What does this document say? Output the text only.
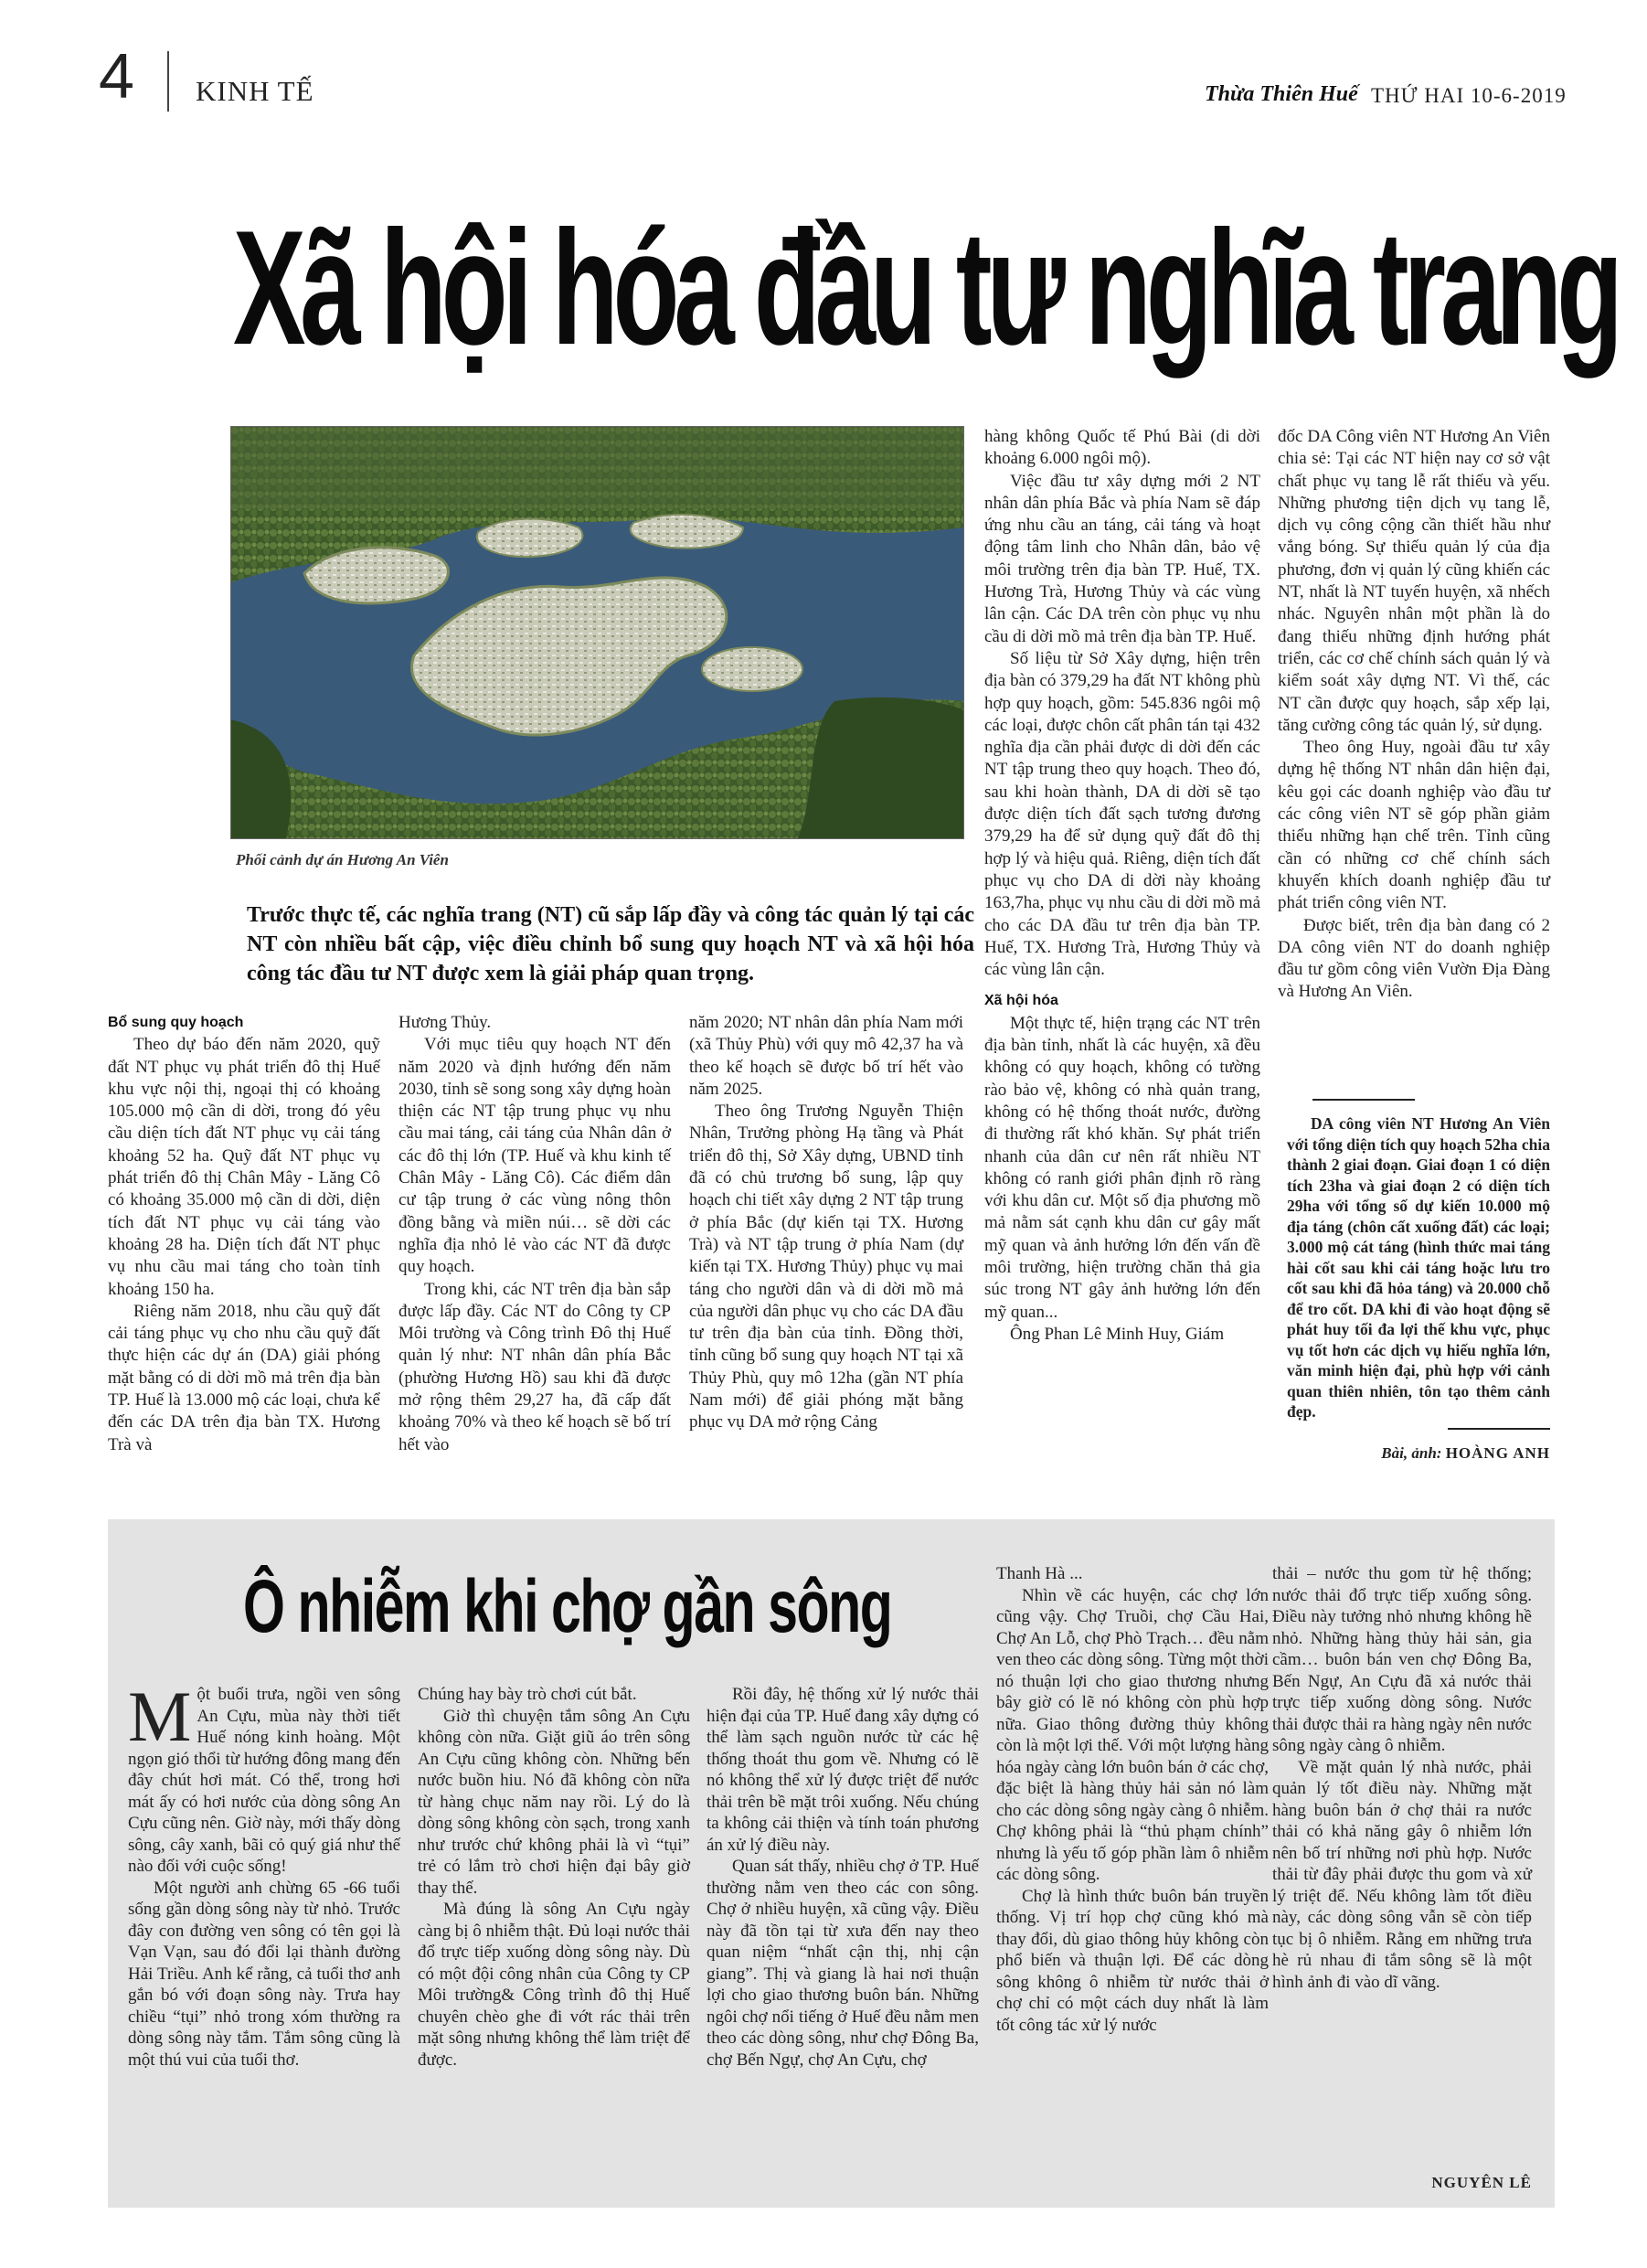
4 KINH TẾ	Thừa Thiên Huế THỨ HAI 10-6-2019
Xã hội hóa đầu tư nghĩa trang
Phối cảnh dự án Hương An Viên
Trước thực tế, các nghĩa trang (NT) cũ sắp lấp đầy và công tác quản lý tại các NT còn nhiều bất cập, việc điều chỉnh bổ sung quy hoạch NT và xã hội hóa công tác đầu tư NT được xem là giải pháp quan trọng.
Bổ sung quy hoạch

Theo dự báo đến năm 2020, quỹ đất NT phục vụ phát triển đô thị Huế khu vực nội thị, ngoại thị có khoảng 105.000 mộ cần di dời, trong đó yêu cầu diện tích đất NT phục vụ cải táng khoảng 52 ha. Quỹ đất NT phục vụ phát triển đô thị Chân Mây - Lăng Cô có khoảng 35.000 mộ cần di dời, diện tích đất NT phục vụ cải táng vào khoảng 28 ha. Diện tích đất NT phục vụ nhu cầu mai táng cho toàn tỉnh khoảng 150 ha.

Riêng năm 2018, nhu cầu quỹ đất cải táng phục vụ cho nhu cầu quỹ đất thực hiện các dự án (DA) giải phóng mặt bằng có di dời mồ mả trên địa bàn TP. Huế là 13.000 mộ các loại, chưa kể đến các DA trên địa bàn TX. Hương Trà và

Hương Thủy.

Với mục tiêu quy hoạch NT đến năm 2020 và định hướng đến năm 2030, tỉnh sẽ song song xây dựng hoàn thiện các NT tập trung phục vụ nhu cầu mai táng, cải táng của Nhân dân ở các đô thị lớn (TP. Huế và khu kinh tế Chân Mây - Lăng Cô). Các điểm dân cư tập trung ở các vùng nông thôn đồng bằng và miền núi… sẽ dời các nghĩa địa nhỏ lẻ vào các NT đã được quy hoạch.

Trong khi, các NT trên địa bàn sắp được lấp đầy. Các NT do Công ty CP Môi trường và Công trình Đô thị Huế quản lý như: NT nhân dân phía Bắc (phường Hương Hồ) sau khi đã được mở rộng thêm 29,27 ha, đã cấp đất khoảng 70% và theo kế hoạch sẽ bố trí hết vào

năm 2020; NT nhân dân phía Nam mới (xã Thủy Phù) với quy mô 42,37 ha và theo kế hoạch sẽ được bố trí hết vào năm 2025.

Theo ông Trương Nguyễn Thiện Nhân, Trưởng phòng Hạ tầng và Phát triển đô thị, Sở Xây dựng, UBND tỉnh đã có chủ trương bổ sung, lập quy hoạch chi tiết xây dựng 2 NT tập trung ở phía Bắc (dự kiến tại TX. Hương Trà) và NT tập trung ở phía Nam (dự kiến tại TX. Hương Thủy) phục vụ mai táng cho người dân và di dời mồ mả của người dân phục vụ cho các DA đầu tư trên địa bàn của tỉnh. Đồng thời, tỉnh cũng bổ sung quy hoạch NT tại xã Thủy Phù, quy mô 12ha (gần NT phía Nam mới) để giải phóng mặt bằng phục vụ DA mở rộng Cảng

hàng không Quốc tế Phú Bài (di dời khoảng 6.000 ngôi mộ).

Việc đầu tư xây dựng mới 2 NT nhân dân phía Bắc và phía Nam sẽ đáp ứng nhu cầu an táng, cải táng và hoạt động tâm linh cho Nhân dân, bảo vệ môi trường trên địa bàn TP. Huế, TX. Hương Trà, Hương Thủy và các vùng lân cận. Các DA trên còn phục vụ nhu cầu di dời mồ mả trên địa bàn TP. Huế.

Số liệu từ Sở Xây dựng, hiện trên địa bàn có 379,29 ha đất NT không phù hợp quy hoạch, gồm: 545.836 ngôi mộ các loại, được chôn cất phân tán tại 432 nghĩa địa cần phải được di dời đến các NT tập trung theo quy hoạch. Theo đó, sau khi hoàn thành, DA di dời sẽ tạo được diện tích đất sạch tương đương 379,29 ha để sử dụng quỹ đất đô thị hợp lý và hiệu quả. Riêng, diện tích đất phục vụ cho DA di dời này khoảng 163,7ha, phục vụ nhu cầu di dời mồ mả cho các DA đầu tư trên địa bàn TP. Huế, TX. Hương Trà, Hương Thủy và các vùng lân cận.

Xã hội hóa

Một thực tế, hiện trạng các NT trên địa bàn tỉnh, nhất là các huyện, xã đều không có quy hoạch, không có tường rào bảo vệ, không có nhà quản trang, không có hệ thống thoát nước, đường đi thường rất khó khăn. Sự phát triển nhanh của dân cư nên rất nhiều NT không có ranh giới phân định rõ ràng với khu dân cư. Một số địa phương mồ mả nằm sát cạnh khu dân cư gây mất mỹ quan và ảnh hưởng lớn đến vấn đề môi trường, hiện trường chăn thả gia súc trong NT gây ảnh hưởng lớn đến mỹ quan...

Ông Phan Lê Minh Huy, Giám

đốc DA Công viên NT Hương An Viên chia sẻ: Tại các NT hiện nay cơ sở vật chất phục vụ tang lễ rất thiếu và yếu. Những phương tiện dịch vụ tang lễ, dịch vụ công cộng cần thiết hầu như vắng bóng. Sự thiếu quản lý của địa phương, đơn vị quản lý cũng khiến các NT, nhất là NT tuyến huyện, xã nhếch nhác. Nguyên nhân một phần là do đang thiếu những định hướng phát triển, các cơ chế chính sách quản lý và kiểm soát xây dựng NT. Vì thế, các NT cần được quy hoạch, sắp xếp lại, tăng cường công tác quản lý, sử dụng.

Theo ông Huy, ngoài đầu tư xây dựng hệ thống NT nhân dân hiện đại, kêu gọi các doanh nghiệp vào đầu tư các công viên NT sẽ góp phần giảm thiểu những hạn chế trên. Tỉnh cũng cần có những cơ chế chính sách khuyến khích doanh nghiệp đầu tư phát triển công viên NT.

Được biết, trên địa bàn đang có 2 DA công viên NT do doanh nghiệp đầu tư gồm công viên Vườn Địa Đàng và Hương An Viên.

DA công viên NT Hương An Viên với tổng diện tích quy hoạch 52ha chia thành 2 giai đoạn. Giai đoạn 1 có diện tích 23ha và giai đoạn 2 có diện tích 29ha với tổng số dự kiến 10.000 mộ địa táng (chôn cất xuống đất) các loại; 3.000 mộ cát táng (hình thức mai táng hài cốt sau khi cải táng hoặc lưu tro cốt sau khi đã hỏa táng) và 20.000 chỗ để tro cốt. DA khi đi vào hoạt động sẽ phát huy tối đa lợi thế khu vực, phục vụ tốt hơn các dịch vụ hiếu nghĩa lớn, văn minh hiện đại, phù hợp với cảnh quan thiên nhiên, tôn tạo thêm cảnh đẹp.
Bài, ảnh: HOÀNG ANH
Ô nhiễm khi chợ gần sông

Một buổi trưa, ngồi ven sông An Cựu, mùa này thời tiết Huế nóng kinh hoàng. Một ngọn gió thổi từ hướng đông mang đến đây chút hơi mát. Có thể, trong hơi mát ấy có hơi nước của dòng sông An Cựu cũng nên. Giờ này, mới thấy dòng sông, cây xanh, bãi cỏ quý giá như thế nào đối với cuộc sống!

Một người anh chừng 65 -66 tuổi sống gần dòng sông này từ nhỏ. Trước đây con đường ven sông có tên gọi là Vạn Vạn, sau đó đổi lại thành đường Hải Triều. Anh kể rằng, cả tuổi thơ anh gắn bó với đoạn sông này. Trưa hay chiều “tụi” nhỏ trong xóm thường ra dòng sông này tắm. Tắm sông cũng là một thú vui của tuổi thơ.

Chúng hay bày trò chơi cút bắt.

Giờ thì chuyện tắm sông An Cựu không còn nữa. Giặt giũ áo trên sông An Cựu cũng không còn. Những bến nước buồn hiu. Nó đã không còn nữa từ hàng chục năm nay rồi. Lý do là dòng sông không còn sạch, trong xanh như trước chứ không phải là vì “tụi” trẻ có lắm trò chơi hiện đại bây giờ thay thế.

Mà đúng là sông An Cựu ngày càng bị ô nhiễm thật. Đủ loại nước thải đổ trực tiếp xuống dòng sông này. Dù có một đội công nhân của Công ty CP Môi trường& Công trình đô thị Huế chuyên chèo ghe đi vớt rác thải trên mặt sông nhưng không thể làm triệt để được.

Rồi đây, hệ thống xử lý nước thải hiện đại của TP. Huế đang xây dựng có thể làm sạch nguồn nước từ các hệ thống thoát thu gom về. Nhưng có lẽ nó không thể xử lý được triệt để nước thải trên bề mặt trôi xuống. Nếu chúng ta không cải thiện và tính toán phương án xử lý điều này.

Quan sát thấy, nhiều chợ ở TP. Huế thường nằm ven theo các con sông. Chợ ở nhiều huyện, xã cũng vậy. Điều này đã tồn tại từ xưa đến nay theo quan niệm “nhất cận thị, nhị cận giang”. Thị và giang là hai nơi thuận lợi cho giao thương buôn bán. Những ngôi chợ nổi tiếng ở Huế đều nằm men theo các dòng sông, như chợ Đông Ba, chợ Bến Ngự, chợ An Cựu, chợ

Thanh Hà ...

Nhìn về các huyện, các chợ lớn cũng vậy. Chợ Truồi, chợ Cầu Hai, Chợ An Lỗ, chợ Phò Trạch… đều nằm ven theo các dòng sông. Từng một thời nó thuận lợi cho giao thương nhưng bây giờ có lẽ nó không còn phù hợp nữa. Giao thông đường thủy không còn là một lợi thế. Với một lượng hàng hóa ngày càng lớn buôn bán ở các chợ, đặc biệt là hàng thủy hải sản nó làm cho các dòng sông ngày càng ô nhiễm. Chợ không phải là “thủ phạm chính” nhưng là yếu tố góp phần làm ô nhiễm các dòng sông.

Chợ là hình thức buôn bán truyền thống. Vị trí họp chợ cũng khó mà thay đổi, dù giao thông hủy không còn phổ biến và thuận lợi. Để các dòng sông không ô nhiễm từ nước thải ở chợ chỉ có một cách duy nhất là làm tốt công tác xử lý nước

thải – nước thu gom từ hệ thống; nước thải đổ trực tiếp xuống sông. Điều này tưởng nhỏ nhưng không hề nhỏ. Những hàng thủy hải sản, gia cầm… buôn bán ven chợ Đông Ba, Bến Ngự, An Cựu đã xả nước thải trực tiếp xuống dòng sông. Nước thải được thải ra hàng ngày nên nước sông ngày càng ô nhiễm.

Về mặt quản lý nhà nước, phải quản lý tốt điều này. Những mặt hàng buôn bán ở chợ thải ra nước thải có khả năng gây ô nhiễm lớn nên bố trí những nơi phù hợp. Nước thải từ đây phải được thu gom và xử lý triệt để. Nếu không làm tốt điều này, các dòng sông vẫn sẽ còn tiếp tục bị ô nhiễm. Rằng em những trưa hè rủ nhau đi tắm sông sẽ là một hình ảnh đi vào dĩ vãng.

NGUYÊN LÊ
